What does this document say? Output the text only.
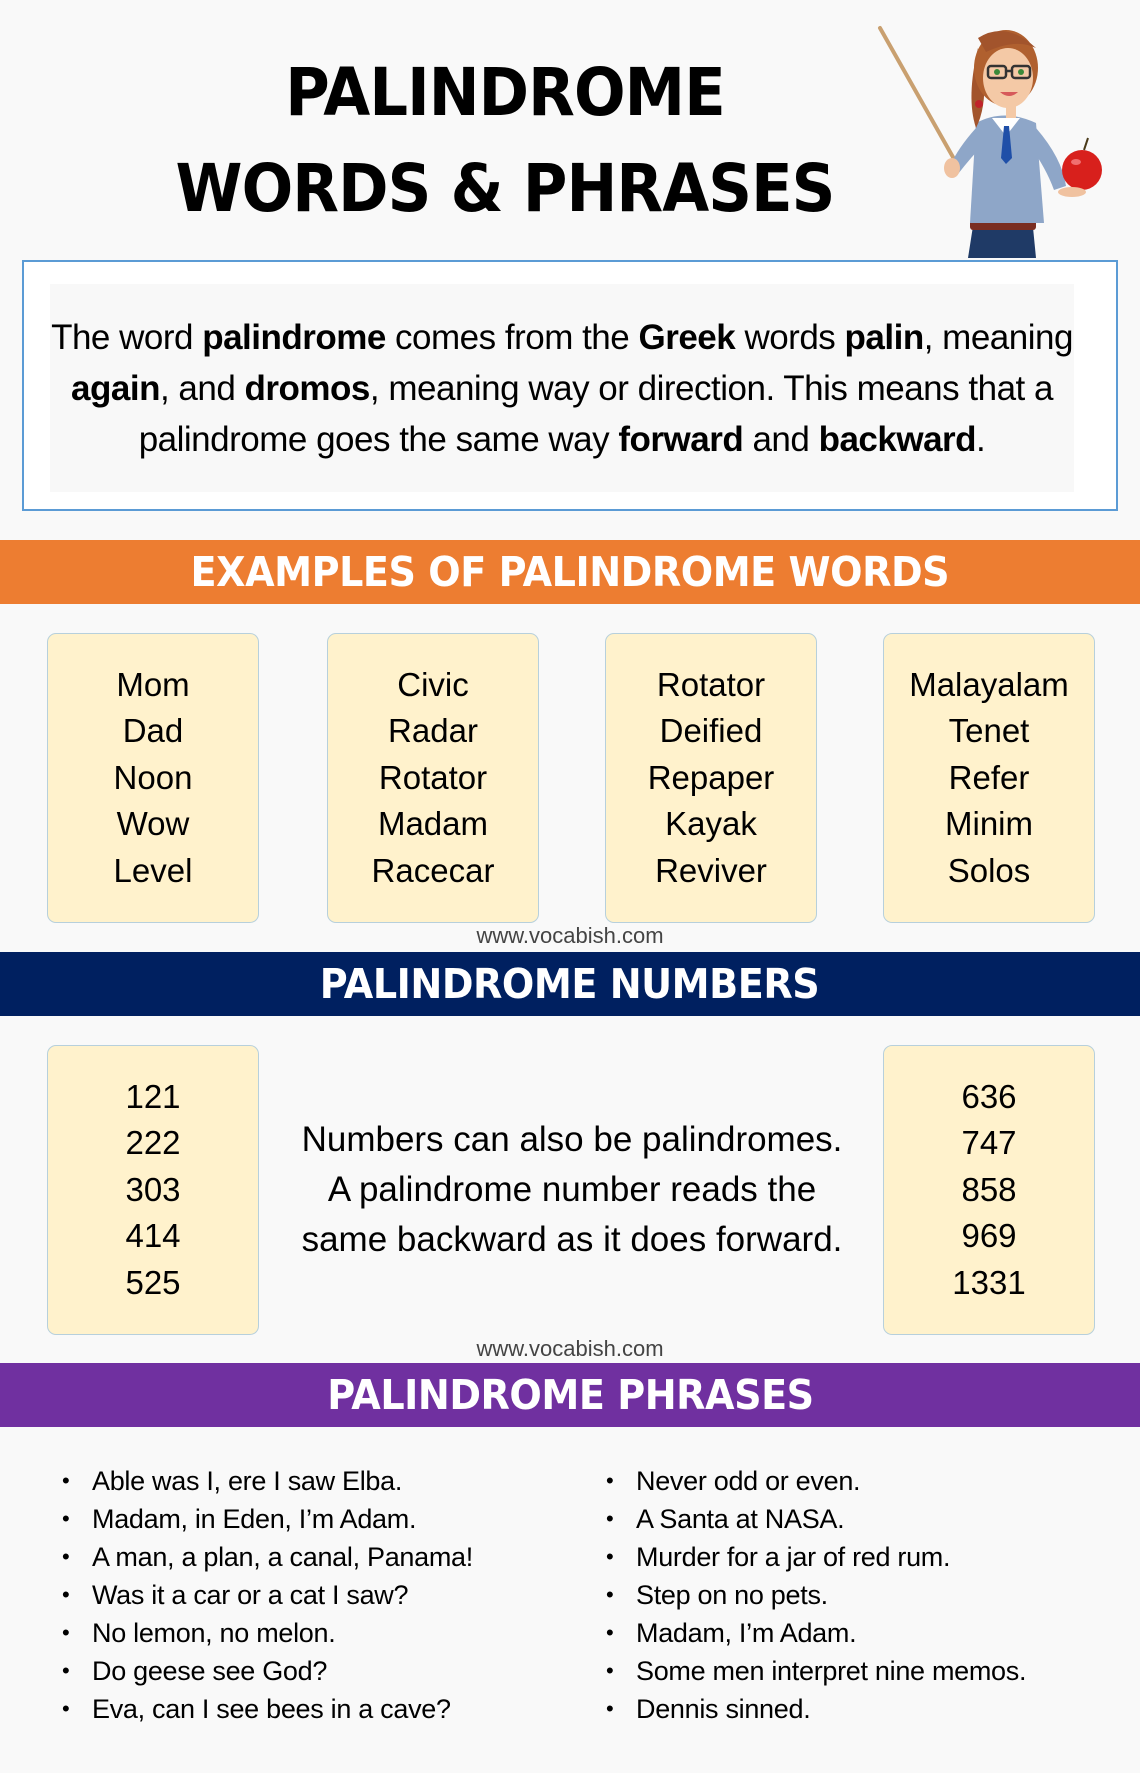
PALINDROME
WORDS & PHRASES

The word palindrome comes from the Greek words palin, meaning again, and dromos, meaning way or direction. This means that a palindrome goes the same way forward and backward.

EXAMPLES OF PALINDROME WORDS
Mom
Dad
Noon
Wow
Level
Civic
Radar
Rotator
Madam
Racecar
Rotator
Deified
Repaper
Kayak
Reviver
Malayalam
Tenet
Refer
Minim
Solos
www.vocabish.com
PALINDROME NUMBERS
121
222
303
414
525
Numbers can also be palindromes.
A palindrome number reads the
same backward as it does forward.
636
747
858
969
1331
www.vocabish.com
PALINDROME PHRASES
• Able was I, ere I saw Elba.
• Madam, in Eden, I’m Adam.
• A man, a plan, a canal, Panama!
• Was it a car or a cat I saw?
• No lemon, no melon.
• Do geese see God?
• Eva, can I see bees in a cave?
• Never odd or even.
• A Santa at NASA.
• Murder for a jar of red rum.
• Step on no pets.
• Madam, I’m Adam.
• Some men interpret nine memos.
• Dennis sinned.
